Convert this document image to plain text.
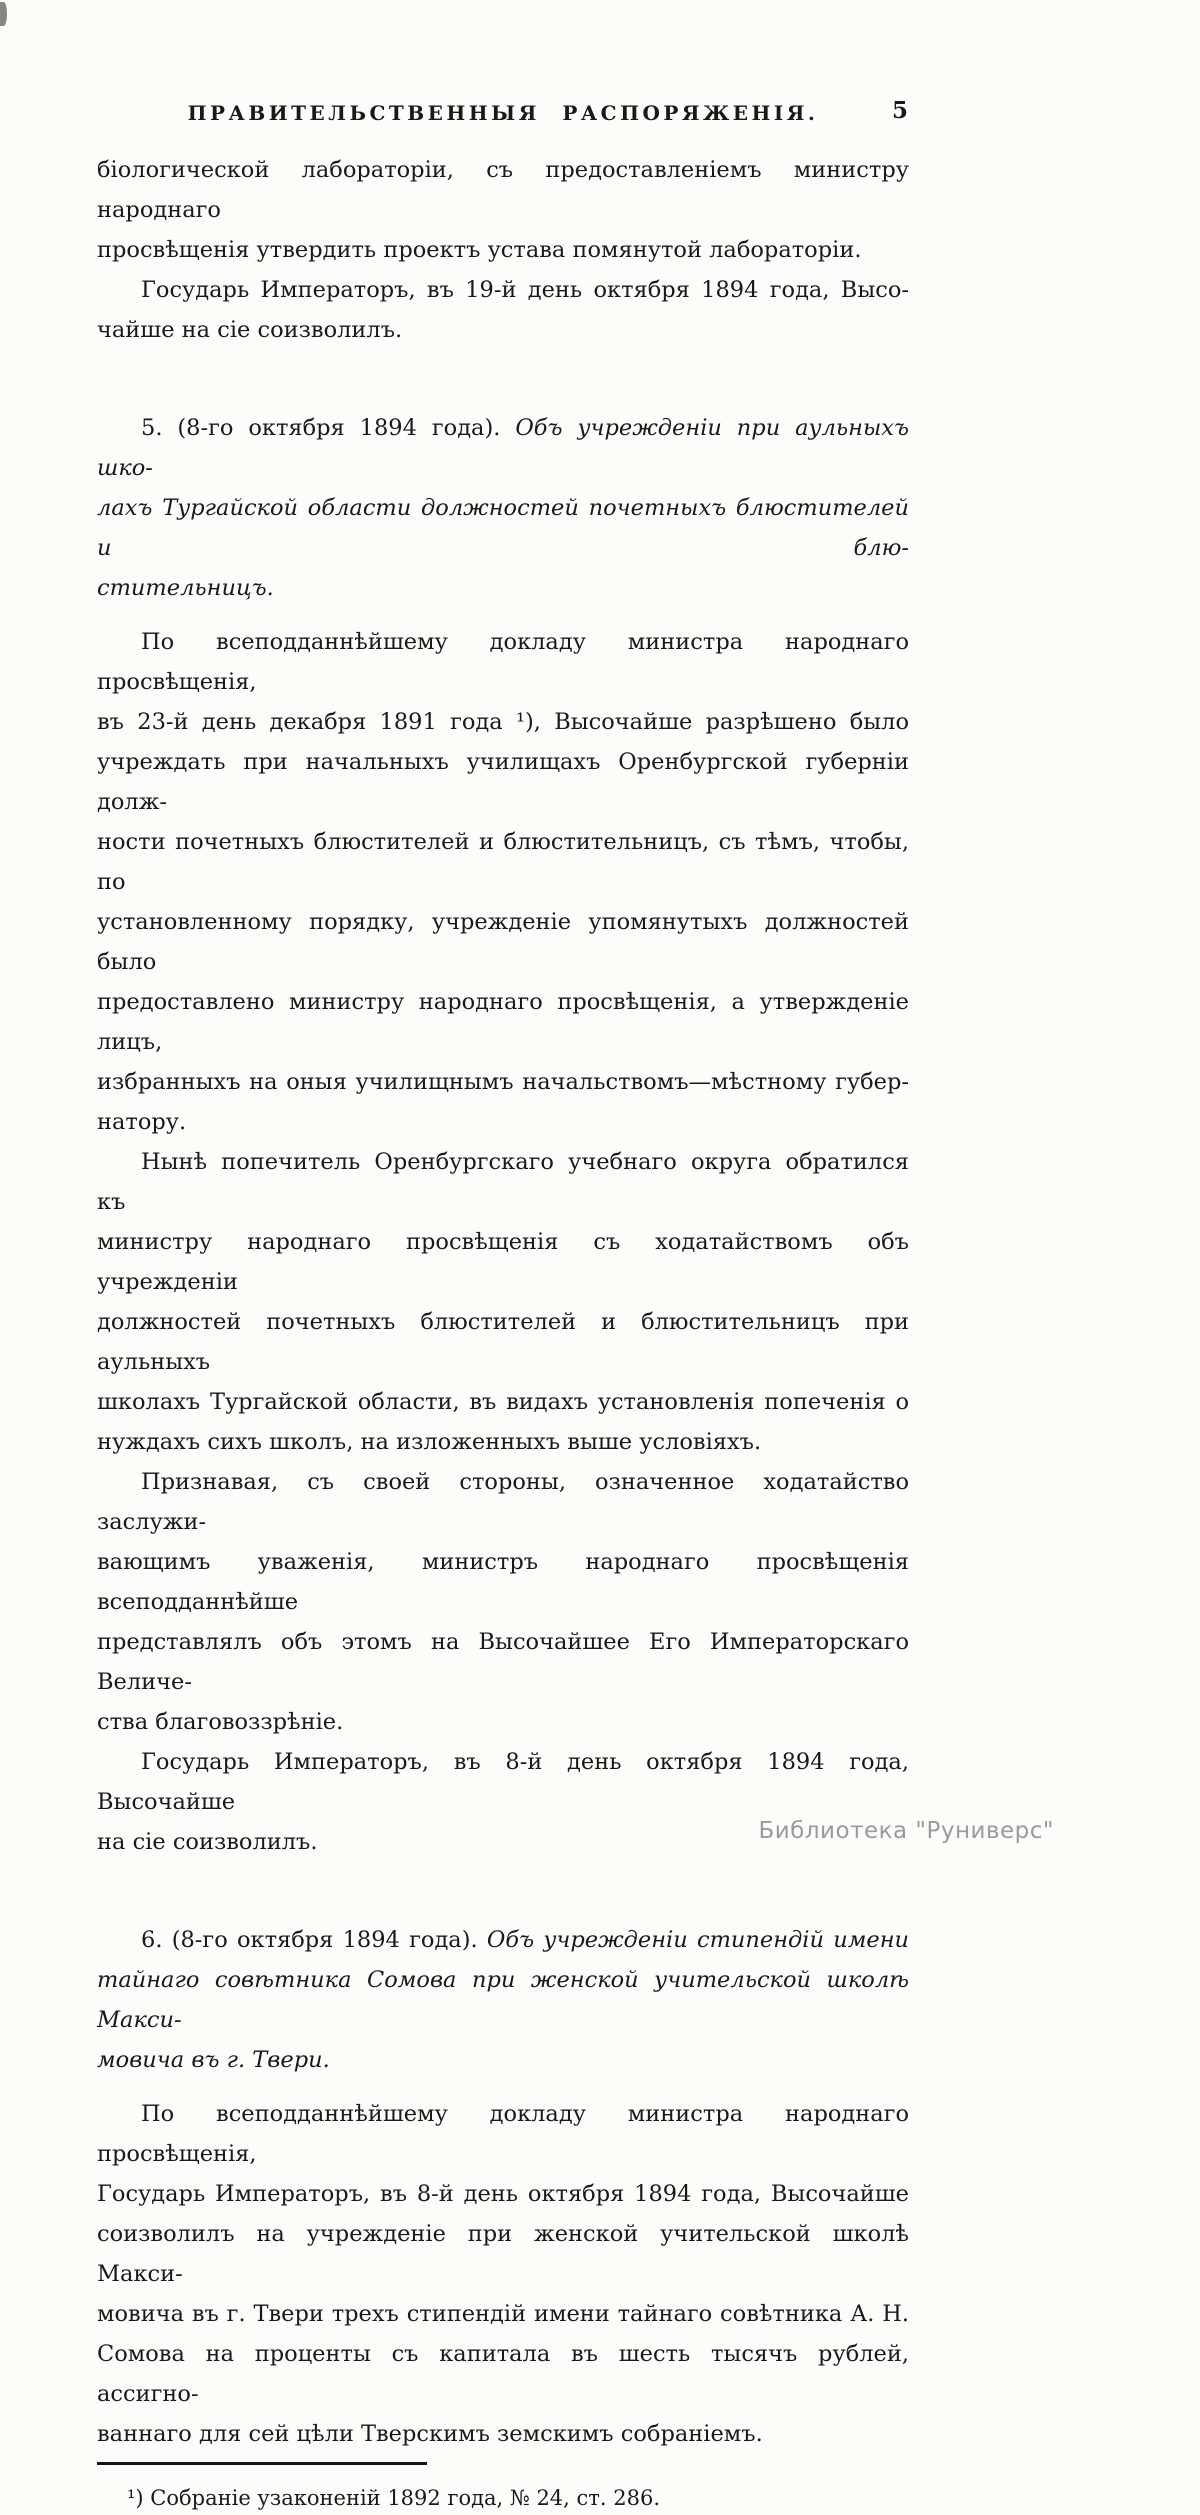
ПРАВИТЕЛЬСТВЕННЫЯ РАСПОРЯЖЕНІЯ.	5
біологической лабораторіи, съ предоставленіемъ министру народнаго
просвѣщенія утвердить проектъ устава помянутой лабораторіи.
Государь Императоръ, въ 19-й день октября 1894 года, Высо-
чайше на сіе соизволилъ.
5. (8-го октября 1894 года). Объ учрежденіи при аульныхъ шко-
лахъ Тургайской области должностей почетныхъ блюстителей и блю-
стительницъ.
По всеподданнѣйшему докладу министра народнаго просвѣщенія,
въ 23-й день декабря 1891 года ¹), Высочайше разрѣшено было
учреждать при начальныхъ училищахъ Оренбургской губерніи долж-
ности почетныхъ блюстителей и блюстительницъ, съ тѣмъ, чтобы, по
установленному порядку, учрежденіе упомянутыхъ должностей было
предоставлено министру народнаго просвѣщенія, а утвержденіе лицъ,
избранныхъ на оныя училищнымъ начальствомъ—мѣстному губер-
натору.
Нынѣ попечитель Оренбургскаго учебнаго округа обратился къ
министру народнаго просвѣщенія съ ходатайствомъ объ учрежденіи
должностей почетныхъ блюстителей и блюстительницъ при аульныхъ
школахъ Тургайской области, въ видахъ установленія попеченія о
нуждахъ сихъ школъ, на изложенныхъ выше условіяхъ.
Признавая, съ своей стороны, означенное ходатайство заслужи-
вающимъ уваженія, министръ народнаго просвѣщенія всеподданнѣйше
представлялъ объ этомъ на Высочайшее Его Императорскаго Величе-
ства благовоззрѣніе.
Государь Императоръ, въ 8-й день октября 1894 года, Высочайше
на сіе соизволилъ.
6. (8-го октября 1894 года). Объ учрежденіи стипендій имени
тайнаго совѣтника Сомова при женской учительской школѣ Макси-
мовича въ г. Твери.
По всеподданнѣйшему докладу министра народнаго просвѣщенія,
Государь Императоръ, въ 8-й день октября 1894 года, Высочайше
соизволилъ на учрежденіе при женской учительской школѣ Макси-
мовича въ г. Твери трехъ стипендій имени тайнаго совѣтника А. Н.
Сомова на проценты съ капитала въ шесть тысячъ рублей, ассигно-
ваннаго для сей цѣли Тверскимъ земскимъ собраніемъ.
¹) Собраніе узаконеній 1892 года, № 24, ст. 286.
Библиотека "Руниверс"
